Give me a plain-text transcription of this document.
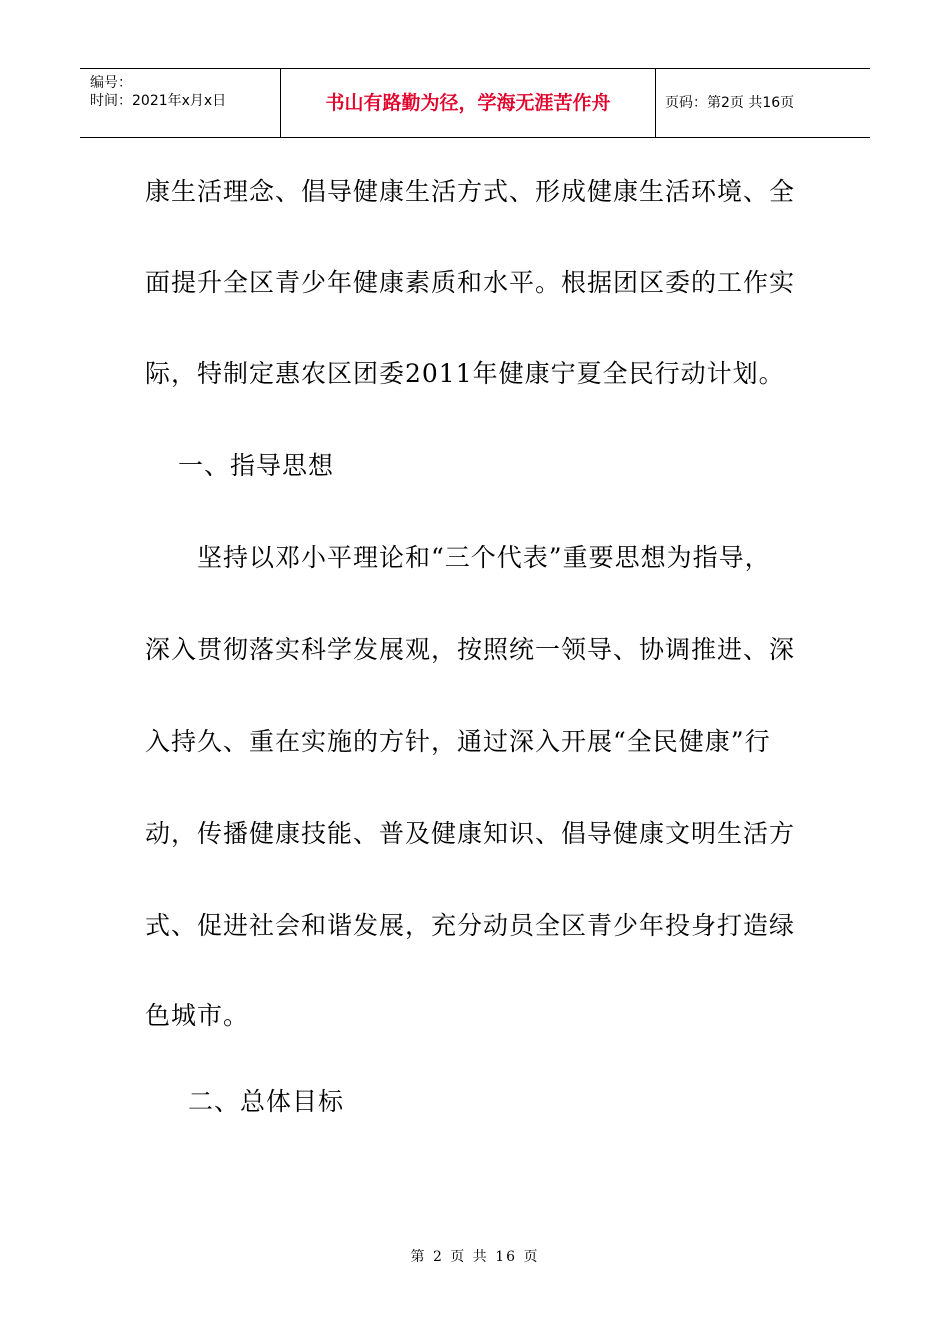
编号：
时间：2021年x月x日	书山有路勤为径，学海无涯苦作舟	页码：第2页 共16页
康生活理念、倡导健康生活方式、形成健康生活环境、全
面提升全区青少年健康素质和水平。根据团区委的工作实
际，特制定惠农区团委2011年健康宁夏全民行动计划。
一、指导思想
坚持以邓小平理论和“三个代表”重要思想为指导，
深入贯彻落实科学发展观，按照统一领导、协调推进、深
入持久、重在实施的方针，通过深入开展“全民健康”行
动，传播健康技能、普及健康知识、倡导健康文明生活方
式、促进社会和谐发展，充分动员全区青少年投身打造绿
色城市。
二、总体目标
第 2 页 共 16 页
